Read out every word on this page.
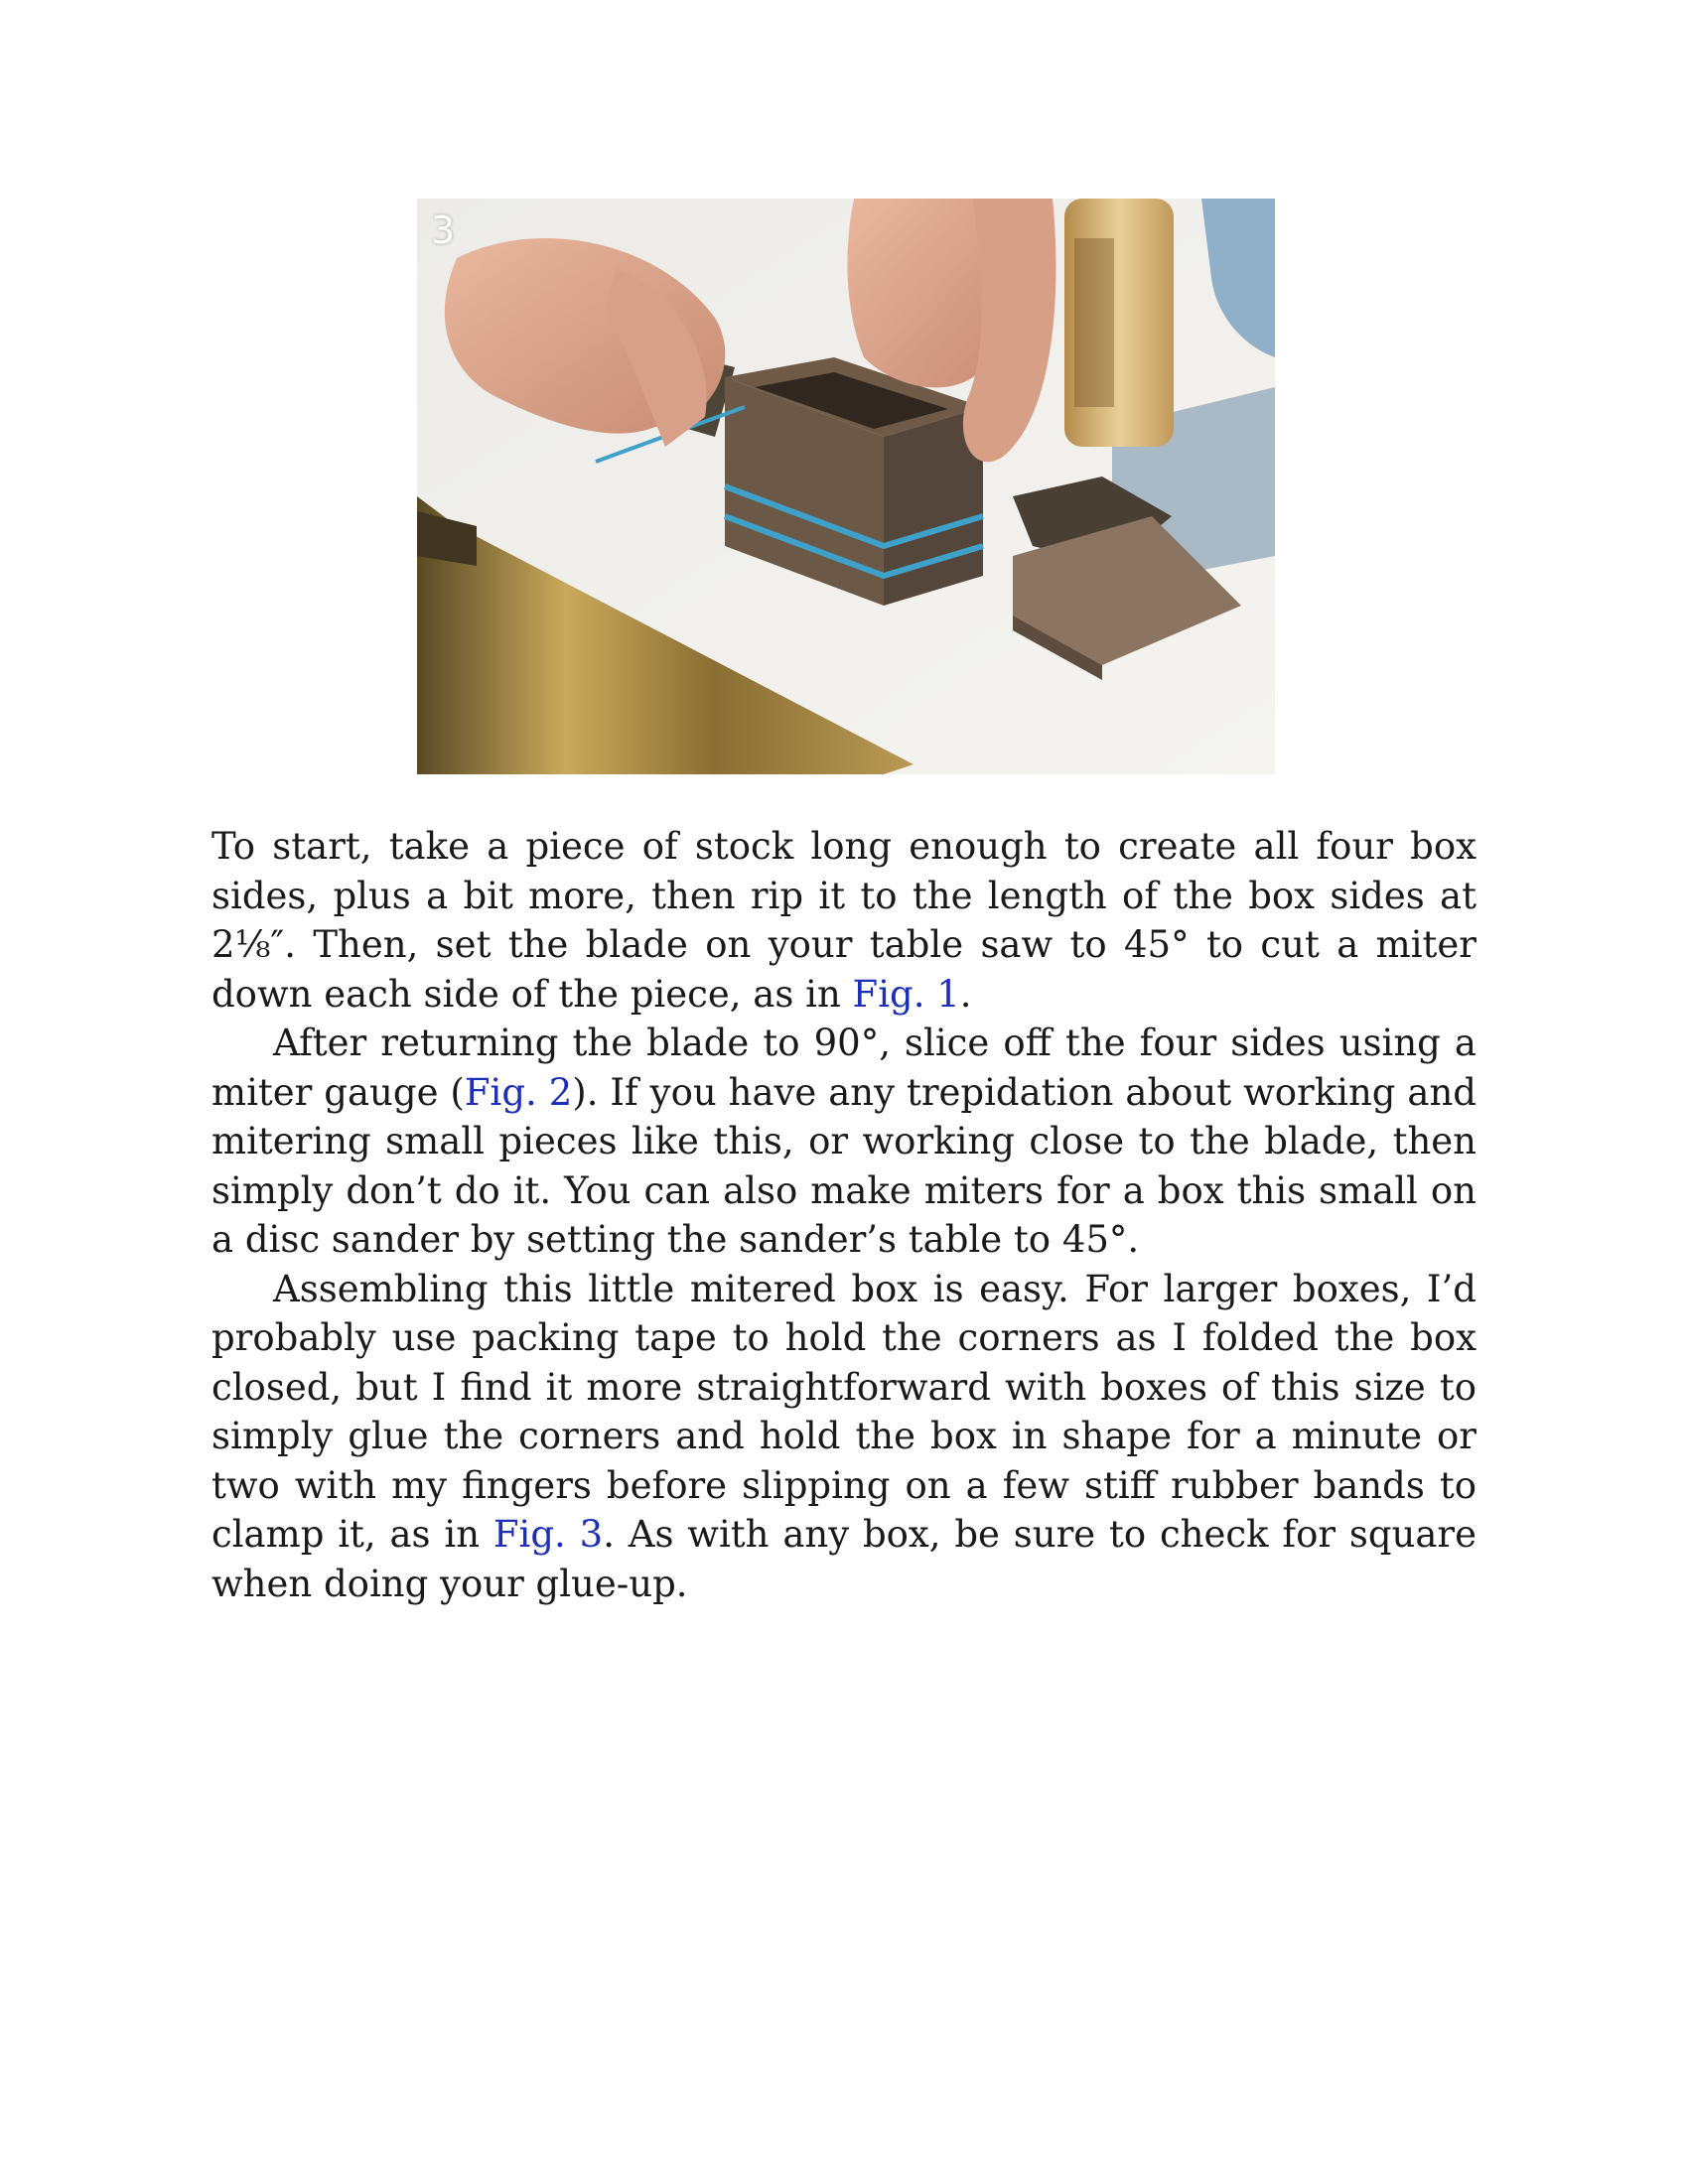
3

To start, take a piece of stock long enough to create all four box sides, plus a bit more, then rip it to the length of the box sides at 2⅛″. Then, set the blade on your table saw to 45° to cut a miter down each side of the piece, as in Fig. 1.

After returning the blade to 90°, slice off the four sides using a miter gauge (Fig. 2). If you have any trepidation about working and mitering small pieces like this, or working close to the blade, then simply don’t do it. You can also make miters for a box this small on a disc sander by setting the sander’s table to 45°.

Assembling this little mitered box is easy. For larger boxes, I’d probably use packing tape to hold the corners as I folded the box closed, but I find it more straightforward with boxes of this size to simply glue the corners and hold the box in shape for a minute or two with my fingers before slipping on a few stiff rubber bands to clamp it, as in Fig. 3. As with any box, be sure to check for square when doing your glue-up.
